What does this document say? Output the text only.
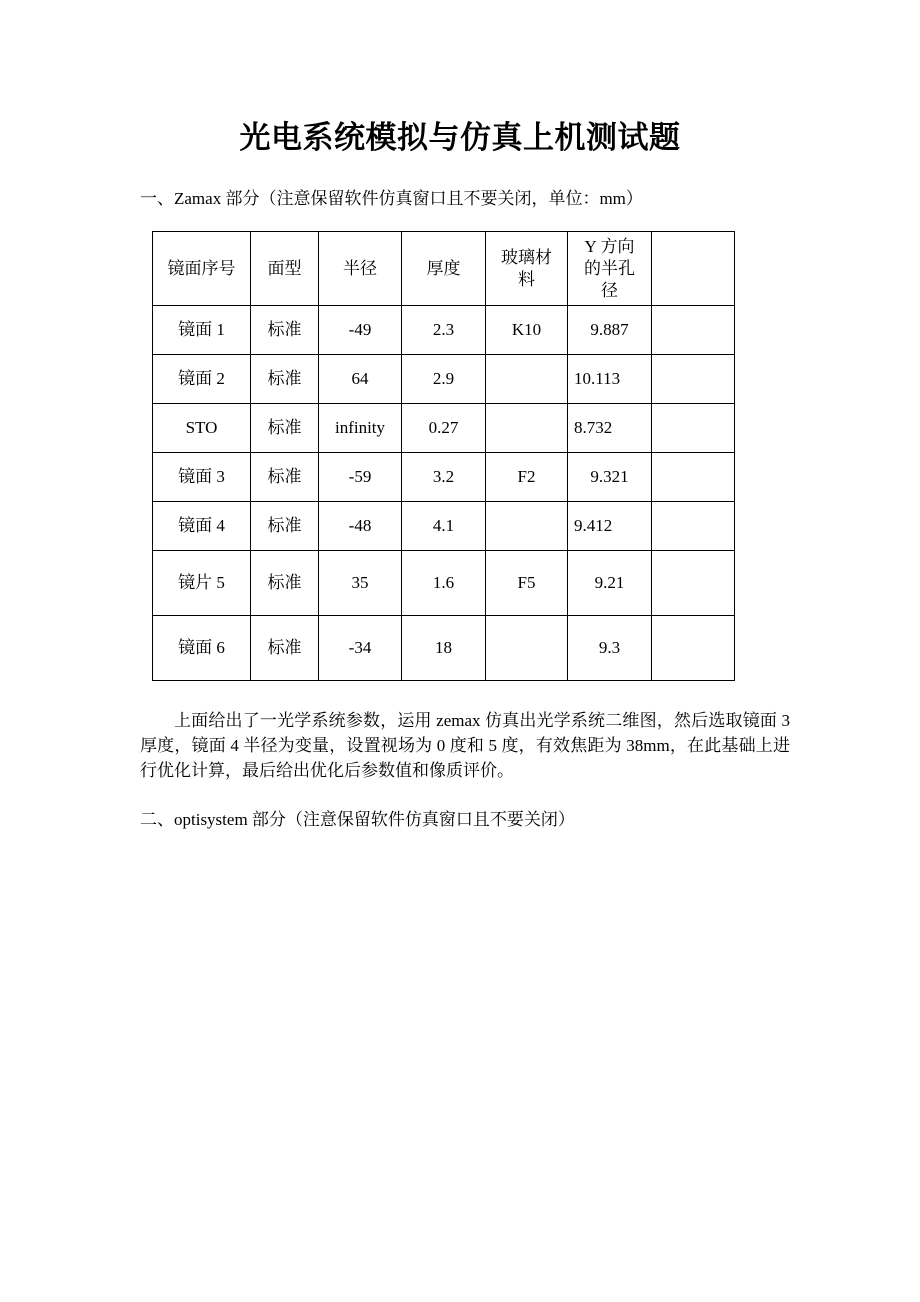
光电系统模拟与仿真上机测试题
一、Zamax 部分（注意保留软件仿真窗口且不要关闭，单位：mm）
镜面序号	面型	半径	厚度	玻璃材料	Y 方向的半孔径	
镜面 1	标准	-49	2.3	K10	9.887	
镜面 2	标准	64	2.9		10.113	
STO	标准	infinity	0.27		8.732	
镜面 3	标准	-59	3.2	F2	9.321	
镜面 4	标准	-48	4.1		9.412	
镜片 5	标准	35	1.6	F5	9.21	
镜面 6	标准	-34	18		9.3	
上面给出了一光学系统参数，运用 zemax 仿真出光学系统二维图，然后选取镜面 3 厚度，镜面 4 半径为变量，设置视场为 0 度和 5 度，有效焦距为 38mm，在此基础上进行优化计算，最后给出优化后参数值和像质评价。
二、optisystem 部分（注意保留软件仿真窗口且不要关闭）
